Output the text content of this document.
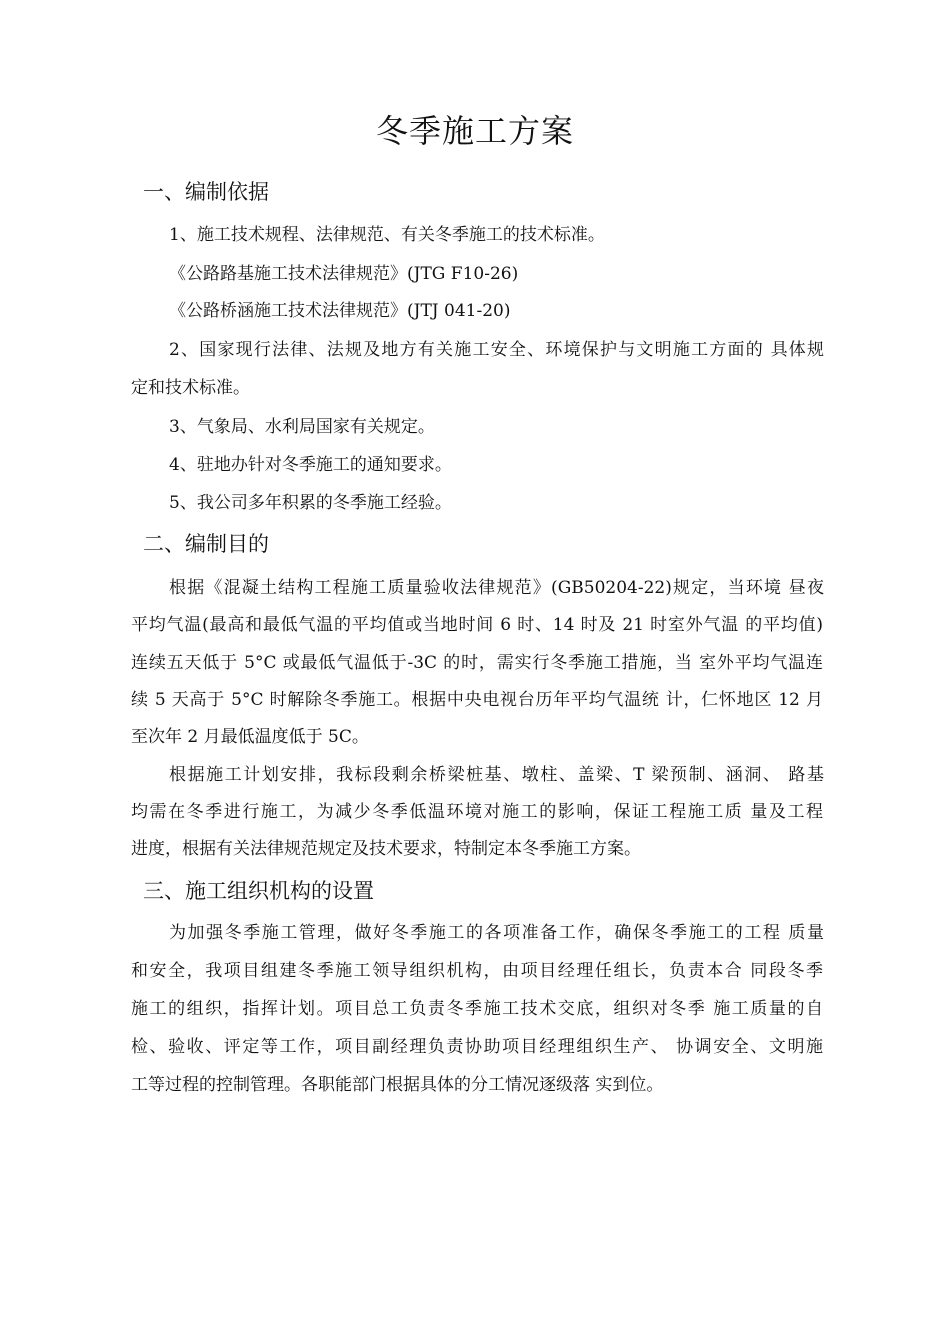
冬季施工方案
一、编制依据
1、施工技术规程、法律规范、有关冬季施工的技术标准。
《公路路基施工技术法律规范》(JTG F10-26)
《公路桥涵施工技术法律规范》(JTJ 041-20)
2、国家现行法律、法规及地方有关施工安全、环境保护与文明施工方面的 具体规
定和技术标准。
3、气象局、水利局国家有关规定。
4、驻地办针对冬季施工的通知要求。
5、我公司多年积累的冬季施工经验。
二、编制目的
根据《混凝土结构工程施工质量验收法律规范》(GB50204-22)规定，当环境 昼夜
平均气温(最高和最低气温的平均值或当地时间 6 时、14 时及 21 时室外气温 的平均值)
连续五天低于 5°C 或最低气温低于-3C 的时，需实行冬季施工措施，当 室外平均气温连
续 5 天高于 5°C 时解除冬季施工。根据中央电视台历年平均气温统 计，仁怀地区 12 月
至次年 2 月最低温度低于 5C。
根据施工计划安排，我标段剩余桥梁桩基、墩柱、盖梁、T 梁预制、涵洞、 路基
均需在冬季进行施工，为减少冬季低温环境对施工的影响，保证工程施工质 量及工程
进度，根据有关法律规范规定及技术要求，特制定本冬季施工方案。
三、施工组织机构的设置
为加强冬季施工管理，做好冬季施工的各项准备工作，确保冬季施工的工程 质量
和安全，我项目组建冬季施工领导组织机构，由项目经理任组长，负责本合 同段冬季
施工的组织，指挥计划。项目总工负责冬季施工技术交底，组织对冬季 施工质量的自
检、验收、评定等工作，项目副经理负责协助项目经理组织生产、 协调安全、文明施
工等过程的控制管理。各职能部门根据具体的分工情况逐级落 实到位。
